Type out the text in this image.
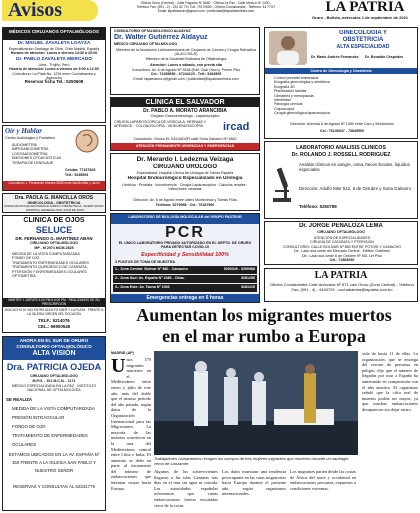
Avisos	Oficina Oruro (Central) - Calle Pagador Nº 6660 · Oficina La Paz - Calle Mexico Nº 1430 -

Teléfono Fax: (591 - 2) - 251 82 79 / Cel: 79170683 - Oficina Cochabamba - Teléfono: 44 770/7

Email: lapatriaoruro@gmail.com / publicidad@lapatriaenlinea.com	LA PATRIA
Oruro - Bolivia, miércoles 1 de septiembre de 2021
MÉDICOS CIRUJANOS OFTALMÓLOGOS

Dr. MIGUEL ZAVALETA LOAYZA

Especialización Santiago de Chile, Chile Madrid, España

Horario de atención: Lunes a viernes 14:30 a 20:00

Dr. PABLO ZAVALETA MERCADO

Lima - Trujillo, Perú

Horario de atención: Lunes a viernes de 9:00 a 12:00

Consultorio: La Plata No. 1226 entre Cochabamba y Ayacucho

Reservar ficha Tel.: 5250608

Oír y Hablar
Centro Audiológico y Foniátrico
• AUDIOMETRÍA
• IMPEDANCIOMETRÍA
• LOGOAUDIOMETRÍA
• EMISIONES OTOACÚSTICAS
• TERAPIA DE LENGUAJE
Celular: 77197829
Telf.: 5245993
Consultorio 1. Presidente Montes 5858 entre Adolfo Mier y Junín
Dra. PAOLA G. MANCILLA OROS
GINECOLOGÍA - OBSTETRICIA
ESPECIALISTA EN ECOGRAFÍA GINECO OBSTÉTRICA, INFERTILIDAD · HOSPITAL GENERAL SAN JUAN DE DIOS
CLÍNICA DE OJOS
SELUCE
DR. FERNANDO G. MARTÍNEZ ABÁN
CIRUJANO OFTALMÓLOGO
MP - M 2974 MCM-2825
• MEDIDA DE LA VISTA COMPUTARIZADA
• FONDO DE OJO
• TRATAMIENTO ENFERMEDADES OCULARES
• TRATAMIENTO QUIRÚRGICO DE CATARATA, PTERIGIÓN Y ENFERMEDADES OCULARES
• OPTOMETRÍA
MARTES Y JUEVES 4:00 PM A 6:00 PM · REALIZAMOS DE SU PRESCRIPCIÓN
AYACUCHO Nº 453 ENTRE ADOLFO MIER Y LA PLATA · FRENTE A LA IGLESIA VIRGEN DEL SOCAVÓN
TELF.: 5214076
CEL.: 69900548

AHORA EN EL SUR DE ORURO

CONSULTORIO OFTALMOLÓGICO

ALTA VISIÓN

Dra. PATRICIA OJEDA
CIRUJANO OFTALMÓLOGO
M.P.G. - 101 M.C.N. - 1171
MÉDICO ESPECIALIZADA EN LA PAZ · INSTITUTO NACIONAL DE OFTALMOLOGÍA
SE REALIZA
• MEDIDA DE LA VISTA COMPUTARIZADA
• PRESIÓN INTRAOCULAR
• FONDO DE OJO
• TRATAMIENTO DE ENFERMEDADES OCULARES
ESTAMOS UBICADOS EN LA AV. ESPAÑA Nº 150 FRENTE A LA IGLESIA SAN PABLO Y NUESTRO SEÑOR
RESERVAS Y CONSULTAS AL 62341779
CONSULTORIO OFTALMOLÓGICO ALDAYUZ
Dr. Walter Gutiérrez Aldayuz
MÉDICO CIRUJANO OFTALMÓLOGO

Miembro de la Asociación Latinoamericana de Cirujanos de Córnea y Cirugía Refractiva (ALACCSA-R)

Miembro de la Sociedad Boliviana de Oftalmología

Atención: Lunes a sábado, con previa cita

Consultorio: Av. 6 de Agosto Nº 5538 (Edif. Club Oruro). Primer Piso

Cel.: 72455656 - 67244120 - Telf.: 5284565

Email: lapatriaoruro@gmail.com / publicidad@lapatriaenlinea.com

CLÍNICA EL SALVADOR
Dr. PABLO A. MORATO ARANCIBIA
Cirujano Gastroenterólogo - Laparoscópico
CIRUGÍA LAPAROSCÓPICA DE VESÍCULA, HERNIAS Y APÉNDICE · COLONOSCOPÍA · VIDEOENDOSCOPÍA	ircad
Consultorio: Clínica EL SALVADOR calle Soria Galvarro Nº 4840
ATENCIÓN PERMANENTE URGENCIAS Y EMERGENCIAS
Dr. Merardo I. Ledezma Veizaga
CIRUJANO URÓLOGO
Especialidad: Hospital Clínica de Urología de Toledo España
Hospital Endourológico Especializado en Urología
Litotricia · Próstata · Incontinencia · Cirugía Laparoscópica · Cálculos renales · Infecciones urinarias
Dirección: Av. 6 de Agosto entre calles Montecinos y Tomás Frías
Teléfono: 5279958 · Cel.: 76187960
LABORATORIO DE BIOLOGÍA MOLECULAR del GRUPO PASTEUR
PCR
EL ÚNICO LABORATORIO PRIVADO AUTORIZADO EN EL DEPTO. DE ORURO PARA DETECTAR COVID-19
Especificidad y Sensibilidad 100%
3 PUNTOS DE TOMA DE MUESTRA
1.- Zona Central: Bolívar Nº 860 - Camacho	5250349 - 5250988
2.- Zona Sud: Av. España Nº 1080 - Cbba.	5281255
3.- Zona Este: Av. Tacna Nº 1066	5281215
Emergencias entrega en 6 horas

GINECOLOGÍA Y

OBSTETRICIA

ALTA ESPECIALIDAD

Dr. Mario Andrés Fernández	Dr. Ronaldo Céspedes
Centro de Ginecología y Obstetricia
• Control prenatal embarazos
• Ecografía ginecológica y obstétrica
• Ecografía 4D
• Planificación familiar
• Climaterio y menopausia
• Infertilidad
• Patología cervical
• Colposcopía
• Cirugía ginecológica laparoscópica
Dirección: Avenida 6 de Agosto Nº 1080 entre Caro y Montecinos
Cel.: 76136547 - 73849590
LABORATORIO ANÁLISIS CLÍNICOS
Dr. ROLANDO J. ROSSELL RODRÍGUEZ
Análisis clínicos en sangre, orina, heces fecales, líquidos especiales
Dirección: Adolfo Mier 512, 6 de Octubre y Soria Galvarro
Teléfono: 5250789
Dr. JORGE PEÑALOZA LEMA
CIRUJANO OFTALMÓLOGO

ATENCIÓN DE ESPECIALIDADES

CIRUGÍA DE CATARATA Y PTERIGIÓN

CONSULTORIO: CALLE BOLÍVAR Nº 880 ENTRE POTOSÍ Y CAMACHO

Dir.: Lado sud oeste del Mercado Central - Edificio Gutiérrez

Dir.: Lado sud oeste 6 de Octubre Nº 601 1er Piso

Cel.: 71883050

LA PATRIA
Oficina Cochabamba Calle Antezana Nº 871 casi Oruro (Zona Central) - Teléfono Fax: (591 - 4) - 4490729 - cochabamba@lapatria.com.bo

Aumentan los migrantes muertos

en el mar rumbo a Europa

MADRID (AP)
U nos 379 migrantes murieron en el Mediterráneo entre enero y julio de este año, más del doble que el mismo periodo del año pasado, según datos de la Organización Internacional para las Migraciones. La mayoría de las muertes ocurrieron en la ruta del Mediterráneo central entre Libia e Italia. El aumento se debe en parte al incremento del número de embarcaciones que intentan cruzar hacia Europa.
Trabajadores humanitarios recogen los cuerpos de tres mujeres migrantes que murieron durante un naufragio cerca de Lanzarote.
Algunos de los sobrevivientes llegaron a las islas Canarias tras días en el mar sin agua ni comida. Las autoridades españolas informaron que varias embarcaciones fueron rescatadas cerca de la costa.
Los datos muestran una tendencia preocupante en las rutas migratorias hacia Europa durante el presente año, según organismos internacionales.
Los migrantes parten desde las costas de África del norte y occidental en embarcaciones precarias, expuestos a condiciones extremas.
vida de hasta 11 de ellas. La organización, que se encarga del rescate de personas en peligro, dijo que el número de llegadas por mar a España ha aumentado en comparación con el año anterior. El organismo señaló que la cifra real de muertes podría ser mayor, ya que muchas embarcaciones desaparecen sin dejar rastro.
